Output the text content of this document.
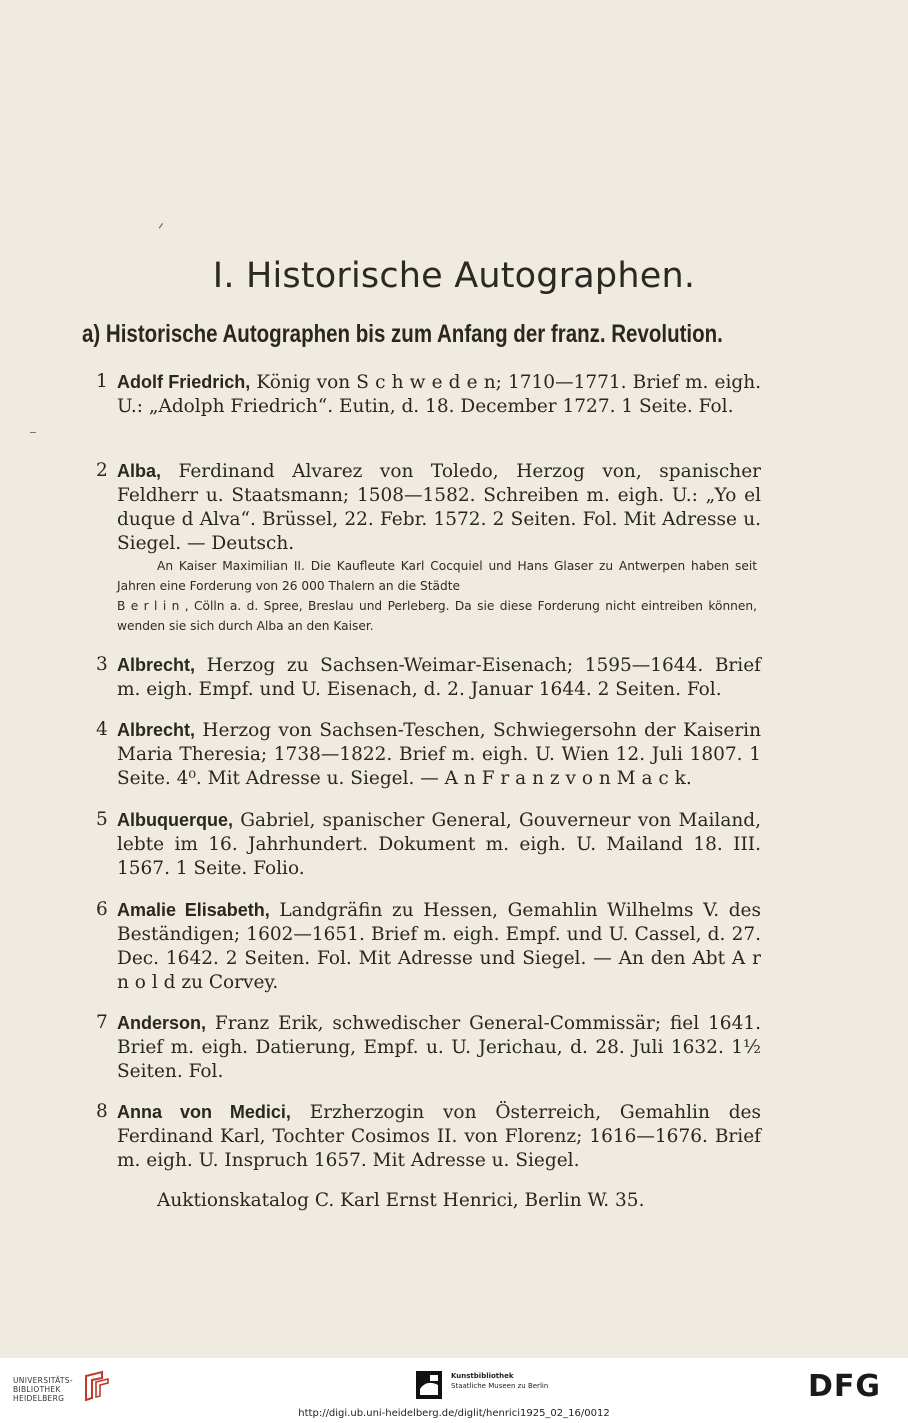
I. Historische Autographen.
a) Historische Autographen bis zum Anfang der franz. Revolution.
1 Adolf Friedrich, König von S c h w e d e n; 1710—1771. Brief m. eigh. U.: „Adolph Friedrich“. Eutin, d. 18. December 1727. 1 Seite. Fol.
2 Alba, Ferdinand Alvarez von Toledo, Herzog von, spanischer Feldherr u. Staatsmann; 1508—1582. Schreiben m. eigh. U.: „Yo el duque d Alva“. Brüssel, 22. Febr. 1572. 2 Seiten. Fol. Mit Adresse u. Siegel. — Deutsch.
An Kaiser Maximilian II. Die Kaufleute Karl Cocquiel und Hans Glaser zu Antwerpen haben seit Jahren eine Forderung von 26 000 Thalern an die Städte
B e r l i n , Cölln a. d. Spree, Breslau und Perleberg. Da sie diese Forderung nicht eintreiben können, wenden sie sich durch Alba an den Kaiser.
3 Albrecht, Herzog zu Sachsen-Weimar-Eisenach; 1595—1644. Brief m. eigh. Empf. und U. Eisenach, d. 2. Januar 1644. 2 Seiten. Fol.
4 Albrecht, Herzog von Sachsen-Teschen, Schwiegersohn der Kaiserin Maria Theresia; 1738—1822. Brief m. eigh. U. Wien 12. Juli 1807. 1 Seite. 4⁰. Mit Adresse u. Siegel. — A n F r a n z v o n M a c k.
5 Albuquerque, Gabriel, spanischer General, Gouverneur von Mailand, lebte im 16. Jahrhundert. Dokument m. eigh. U. Mailand 18. III. 1567. 1 Seite. Folio.
6 Amalie Elisabeth, Landgräfin zu Hessen, Gemahlin Wilhelms V. des Beständigen; 1602—1651. Brief m. eigh. Empf. und U. Cassel, d. 27. Dec. 1642. 2 Seiten. Fol. Mit Adresse und Siegel. — An den Abt A r n o l d zu Corvey.
7 Anderson, Franz Erik, schwedischer General-Commissär; fiel 1641. Brief m. eigh. Datierung, Empf. u. U. Jerichau, d. 28. Juli 1632. 1½ Seiten. Fol.
8 Anna von Medici, Erzherzogin von Österreich, Gemahlin des Ferdinand Karl, Tochter Cosimos II. von Florenz; 1616—1676. Brief m. eigh. U. Inspruch 1657. Mit Adresse u. Siegel.
Auktionskatalog C. Karl Ernst Henrici, Berlin W. 35.
UNIVERSITÄTS-
BIBLIOTHEK
HEIDELBERG
Kunstbibliothek
Staatliche Museen zu Berlin	DFG
http://digi.ub.uni-heidelberg.de/diglit/henrici1925_02_16/0012
